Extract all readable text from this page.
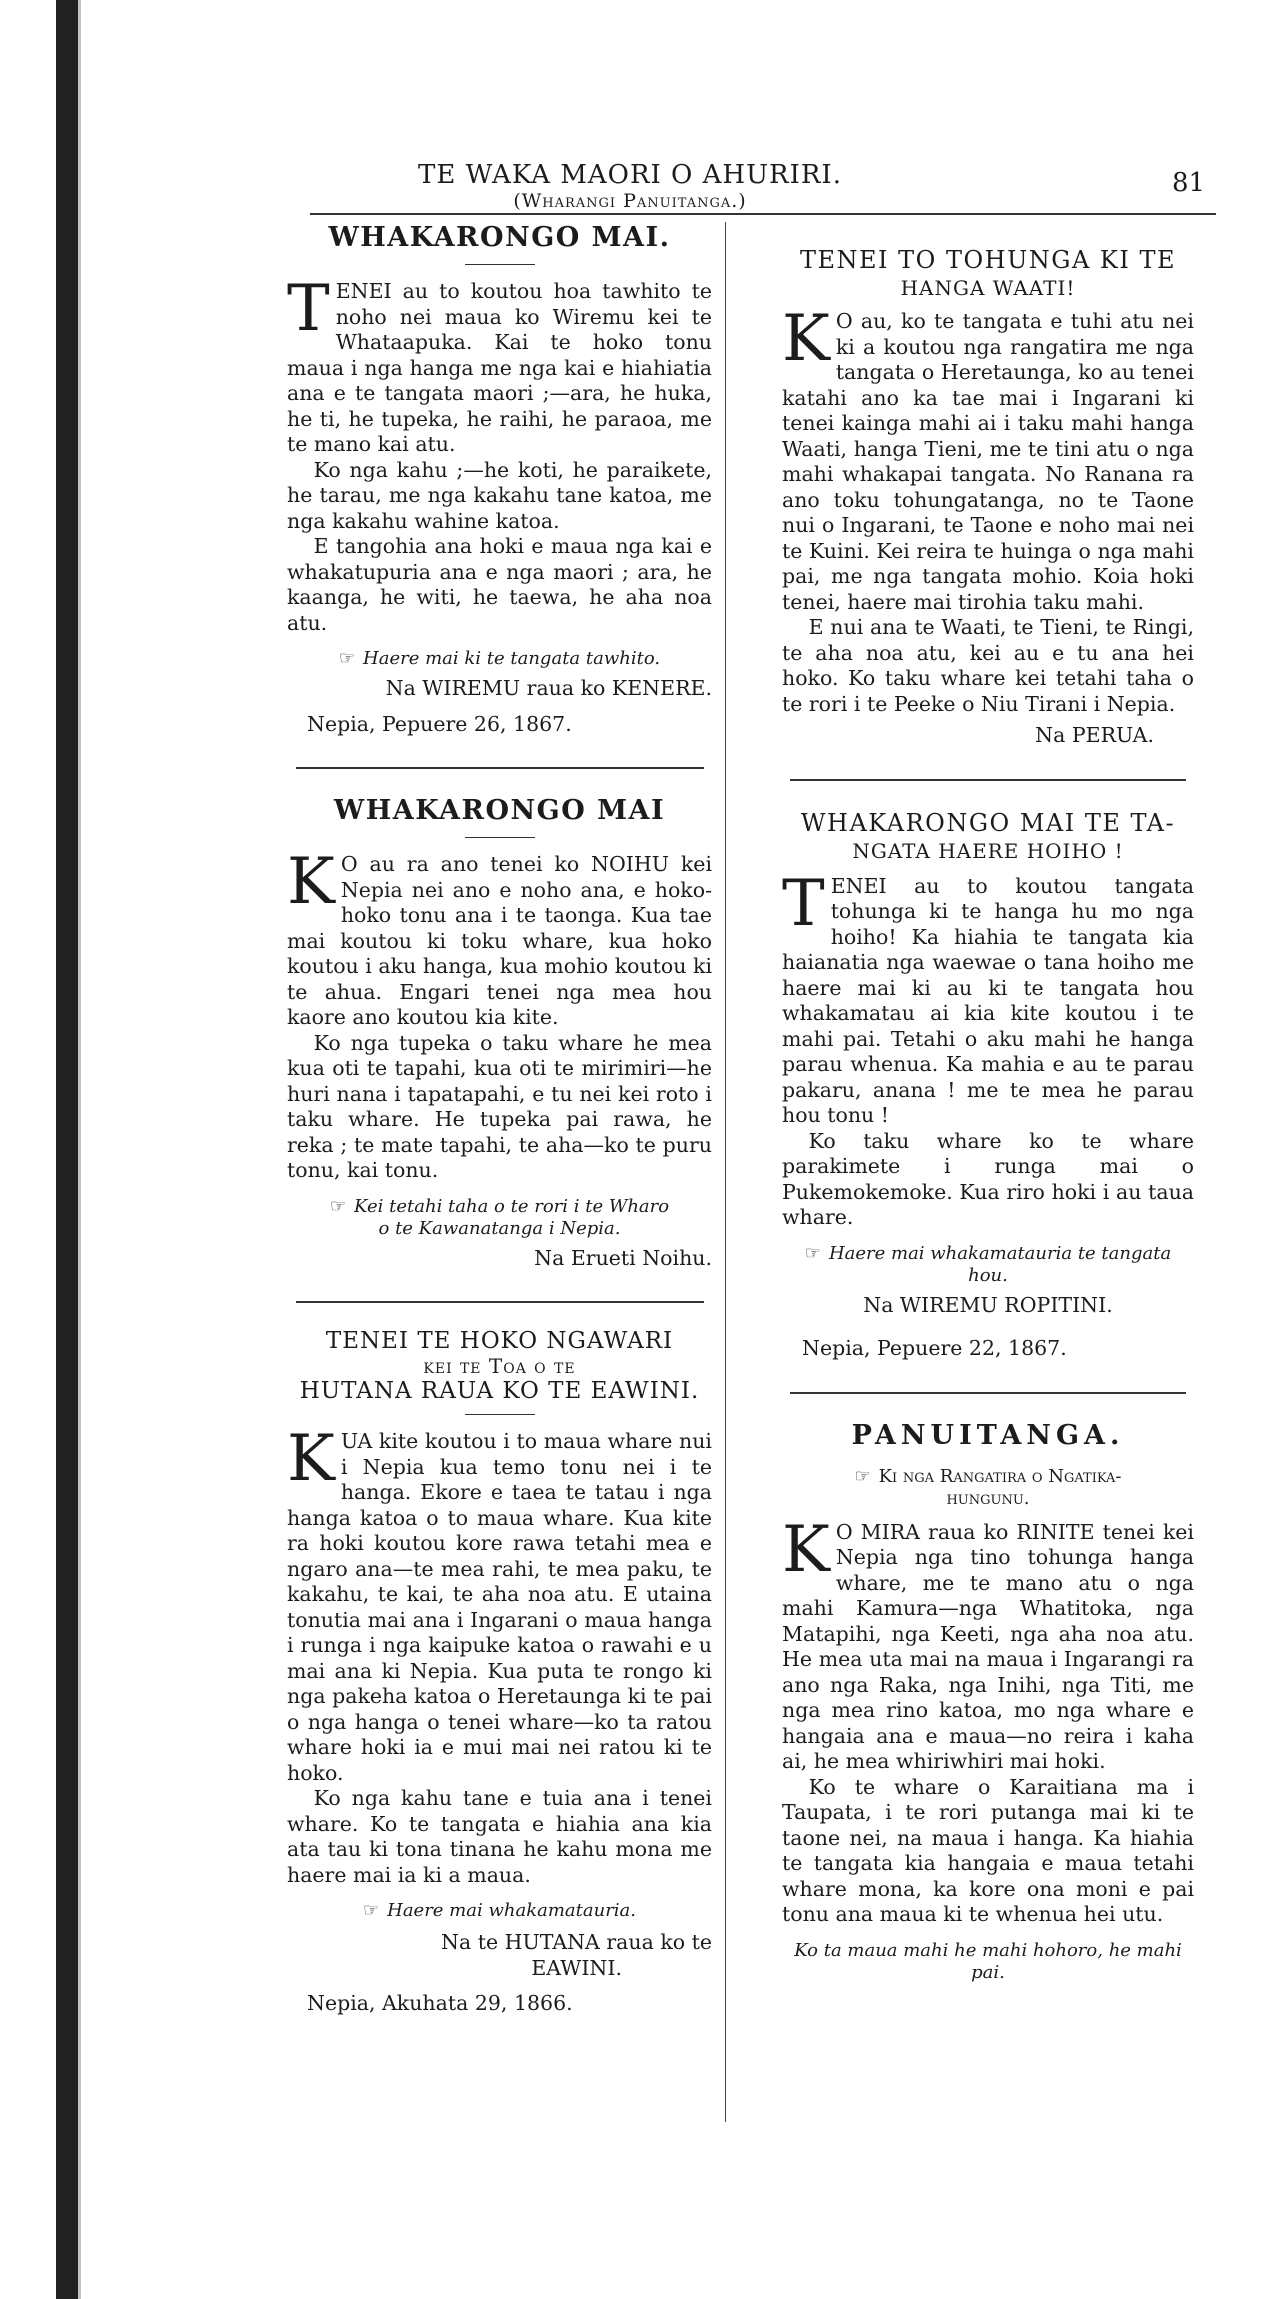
TE WAKA MAORI O AHURIRI.
(Wharangi Panuitanga.)
81
WHAKARONGO MAI.

TENEI au to koutou hoa tawhito te noho nei maua ko Wiremu kei te Whataapuka. Kai te hoko tonu maua i nga hanga me nga kai e hiahiatia ana e te tangata maori ;—ara, he huka, he ti, he tupeka, he raihi, he paraoa, me te mano kai atu.

Ko nga kahu ;—he koti, he paraikete, he tarau, me nga kakahu tane katoa, me nga kakahu wahine katoa.

E tangohia ana hoki e maua nga kai e whakatupuria ana e nga maori ; ara, he kaanga, he witi, he taewa, he aha noa atu.

☞ Haere mai ki te tangata tawhito.
Na WIREMU raua ko KENERE.
Nepia, Pepuere 26, 1867.
WHAKARONGO MAI

K O au ra ano tenei ko NOIHU kei Nepia nei ano e noho ana, e hoko-hoko tonu ana i te taonga. Kua tae mai koutou ki toku whare, kua hoko koutou i aku hanga, kua mohio koutou ki te ahua. Engari tenei nga mea hou kaore ano koutou kia kite.

Ko nga tupeka o taku whare he mea kua oti te tapahi, kua oti te mirimiri—he huri nana i tapatapahi, e tu nei kei roto i taku whare. He tupeka pai rawa, he reka ; te mate tapahi, te aha—ko te puru tonu, kai tonu.

☞ Kei tetahi taha o te rori i te Wharo
o te Kawanatanga i Nepia.
Na Erueti Noihu.
TENEI TE HOKO NGAWARI
kei te Toa o te
HUTANA RAUA KO TE EAWINI.

KUA kite koutou i to maua whare nui i Nepia kua temo tonu nei i te hanga. Ekore e taea te tatau i nga hanga katoa o to maua whare. Kua kite ra hoki koutou kore rawa tetahi mea e ngaro ana—te mea rahi, te mea paku, te kakahu, te kai, te aha noa atu. E utaina tonutia mai ana i Ingarani o maua hanga i runga i nga kaipuke katoa o rawahi e u mai ana ki Nepia. Kua puta te rongo ki nga pakeha katoa o Heretaunga ki te pai o nga hanga o tenei whare—ko ta ratou whare hoki ia e mui mai nei ratou ki te hoko.

Ko nga kahu tane e tuia ana i tenei whare. Ko te tangata e hiahia ana kia ata tau ki tona tinana he kahu mona me haere mai ia ki a maua.

☞ Haere mai whakamatauria.
Na te HUTANA raua ko te
EAWINI.
Nepia, Akuhata 29, 1866.
TENEI TO TOHUNGA KI TE
HANGA WAATI!

K O au, ko te tangata e tuhi atu nei ki a koutou nga rangatira me nga tangata o Heretaunga, ko au tenei katahi ano ka tae mai i Ingarani ki tenei kainga mahi ai i taku mahi hanga Waati, hanga Tieni, me te tini atu o nga mahi whakapai tangata. No Ranana ra ano toku tohungatanga, no te Taone nui o Ingarani, te Taone e noho mai nei te Kuini. Kei reira te huinga o nga mahi pai, me nga tangata mohio. Koia hoki tenei, haere mai tirohia taku mahi.

E nui ana te Waati, te Tieni, te Ringi, te aha noa atu, kei au e tu ana hei hoko. Ko taku whare kei tetahi taha o te rori i te Peeke o Niu Tirani i Nepia.

Na PERUA.
WHAKARONGO MAI TE TA-
NGATA HAERE HOIHO !

TENEI au to koutou tangata tohunga ki te hanga hu mo nga hoiho! Ka hiahia te tangata kia haianatia nga waewae o tana hoiho me haere mai ki au ki te tangata hou whakamatau ai kia kite koutou i te mahi pai. Tetahi o aku mahi he hanga parau whenua. Ka mahia e au te parau pakaru, anana ! me te mea he parau hou tonu !

Ko taku whare ko te whare parakimete i runga mai o Pukemokemoke. Kua riro hoki i au taua whare.

☞ Haere mai whakamatauria te tangata
hou.
Na WIREMU ROPITINI.
Nepia, Pepuere 22, 1867.
PANUITANGA.
☞ Ki nga Rangatira o Ngatika-
hungunu.

K O MIRA raua ko RINITE tenei kei Nepia nga tino tohunga hanga whare, me te mano atu o nga mahi Kamura—nga Whatitoka, nga Matapihi, nga Keeti, nga aha noa atu. He mea uta mai na maua i Ingarangi ra ano nga Raka, nga Inihi, nga Titi, me nga mea rino katoa, mo nga whare e hangaia ana e maua—no reira i kaha ai, he mea whiriwhiri mai hoki.

Ko te whare o Karaitiana ma i Taupata, i te rori putanga mai ki te taone nei, na maua i hanga. Ka hiahia te tangata kia hangaia e maua tetahi whare mona, ka kore ona moni e pai tonu ana maua ki te whenua hei utu.

Ko ta maua mahi he mahi hohoro, he mahi
pai.
